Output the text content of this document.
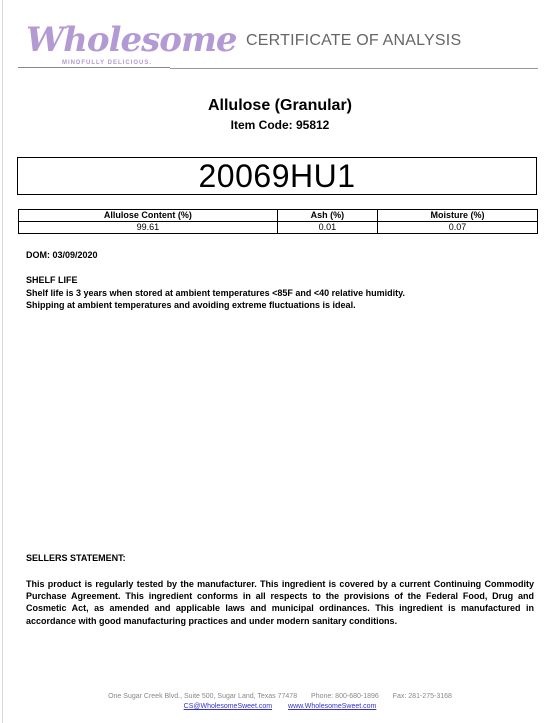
Wholesome
MINDFULLY DELICIOUS.
CERTIFICATE OF ANALYSIS
Allulose (Granular)
Item Code: 95812
20069HU1
Allulose Content (%)	Ash (%)	Moisture (%)
99.61	0.01	0.07
DOM: 03/09/2020
SHELF LIFE
Shelf life is 3 years when stored at ambient temperatures <85F and <40 relative humidity.
Shipping at ambient temperatures and avoiding extreme fluctuations is ideal.
SELLERS STATEMENT:
This product is regularly tested by the manufacturer. This ingredient is covered by a current Continuing Commodity Purchase Agreement. This ingredient conforms in all respects to the provisions of the Federal Food, Drug and Cosmetic Act, as amended and applicable laws and municipal ordinances. This ingredient is manufactured in accordance with good manufacturing practices and under modern sanitary conditions.
One Sugar Creek Blvd., Suite 500, Sugar Land, Texas 77478 Phone: 800-680-1896 Fax: 281-275-3168
CS@WholesomeSweet.com www.WholesomeSweet.com
